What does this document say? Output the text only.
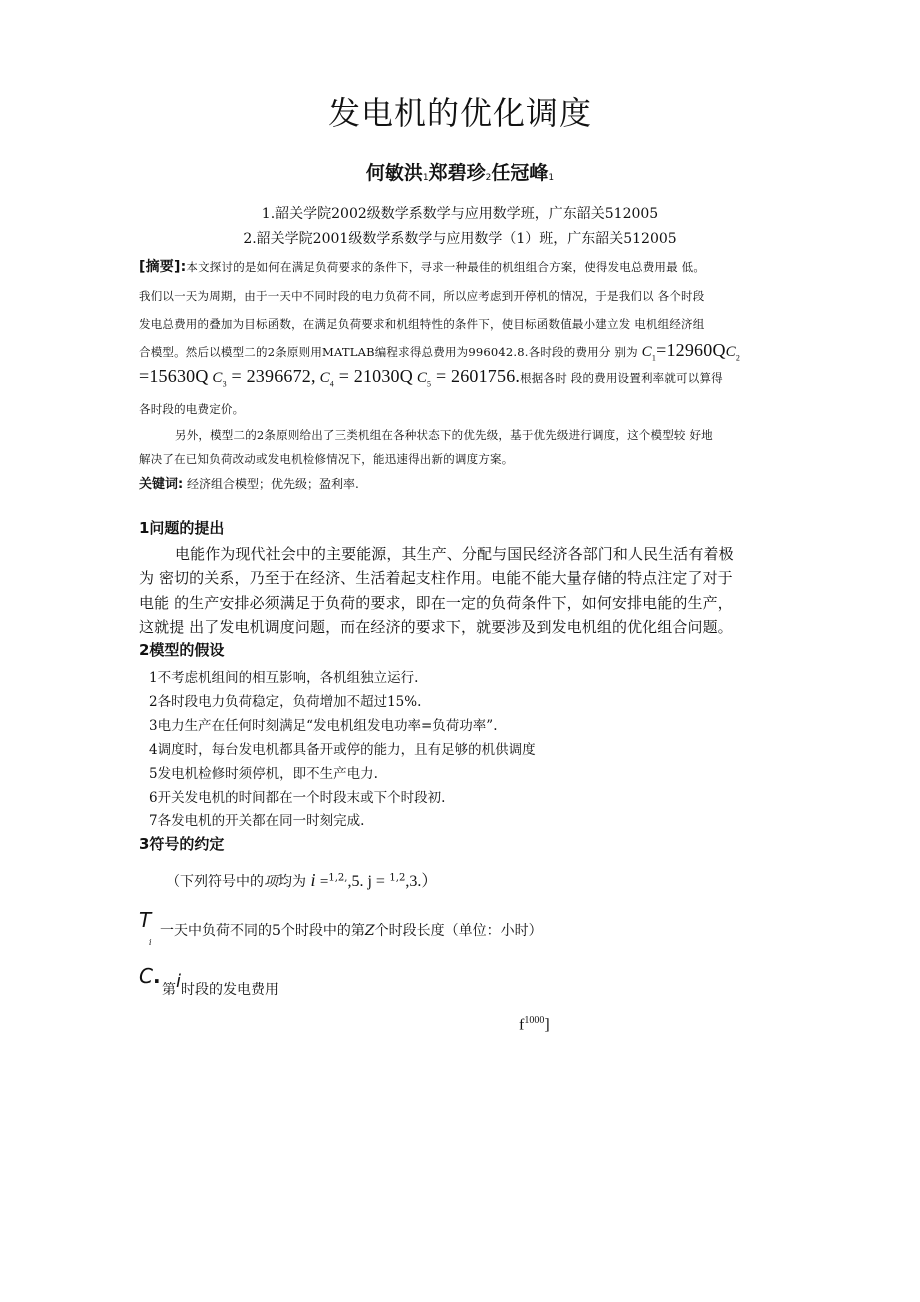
发电机的优化调度
何敏洪$_1$郑碧珍$_2$任冠峰$_1$
1.韶关学院2002级数学系数学与应用数学班，广东韶关512005
2.韶关学院2001级数学系数学与应用数学（1）班，广东韶关512005
[摘要]:本文探讨的是如何在满足负荷要求的条件下，寻求一种最佳的机组组合方案，使得发电总费用最 低。
我们以一天为周期，由于一天中不同时段的电力负荷不同，所以应考虑到开停机的情况，于是我们以 各个时段
发电总费用的叠加为目标函数，在满足负荷要求和机组特性的条件下，使目标函数值最小建立发 电机组经济组
合模型。然后以模型二的2条原则用MATLAB编程求得总费用为996042.8.各时段的费用分 别为 $C_1=12960QC_2$
=15630Q $C_3 = 2396672$, $C_4 = 21030Q$ $C_5 = 2601756$.根据各时 段的费用设置利率就可以算得
各时段的电费定价。
另外，模型二的2条原则给出了三类机组在各种状态下的优先级，基于优先级进行调度，这个模型较 好地
解决了在已知负荷改动或发电机检修情况下，能迅速得出新的调度方案。
关键词: 经济组合模型；优先级；盈利率.
1问题的提出
电能作为现代社会中的主要能源，其生产、分配与国民经济各部门和人民生活有着极
为 密切的关系，乃至于在经济、生活着起支柱作用。电能不能大量存储的特点注定了对于
电能 的生产安排必须满足于负荷的要求，即在一定的负荷条件下，如何安排电能的生产，
这就提 出了发电机调度问题，而在经济的要求下，就要涉及到发电机组的优化组合问题。
2模型的假设
1不考虑机组间的相互影响，各机组独立运行.
2各时段电力负荷稳定，负荷增加不超过15%.
3电力生产在任何时刻满足“发电机组发电功率=负荷功率”.
4调度时，每台发电机都具备开或停的能力，且有足够的机供调度
5发电机检修时须停机，即不生产电力.
6开关发电机的时间都在一个时段末或下个时段初.
7各发电机的开关都在同一时刻完成.
3符号的约定
（下列符号中的项均为 i =$^{1,2,}$,5. j = $^{1,2}$,3.）
T
i
一天中负荷不同的5个时段中的第Z个时段长度（单位：小时）
C.
第i时段的发电费用
$f^{1000}$]
